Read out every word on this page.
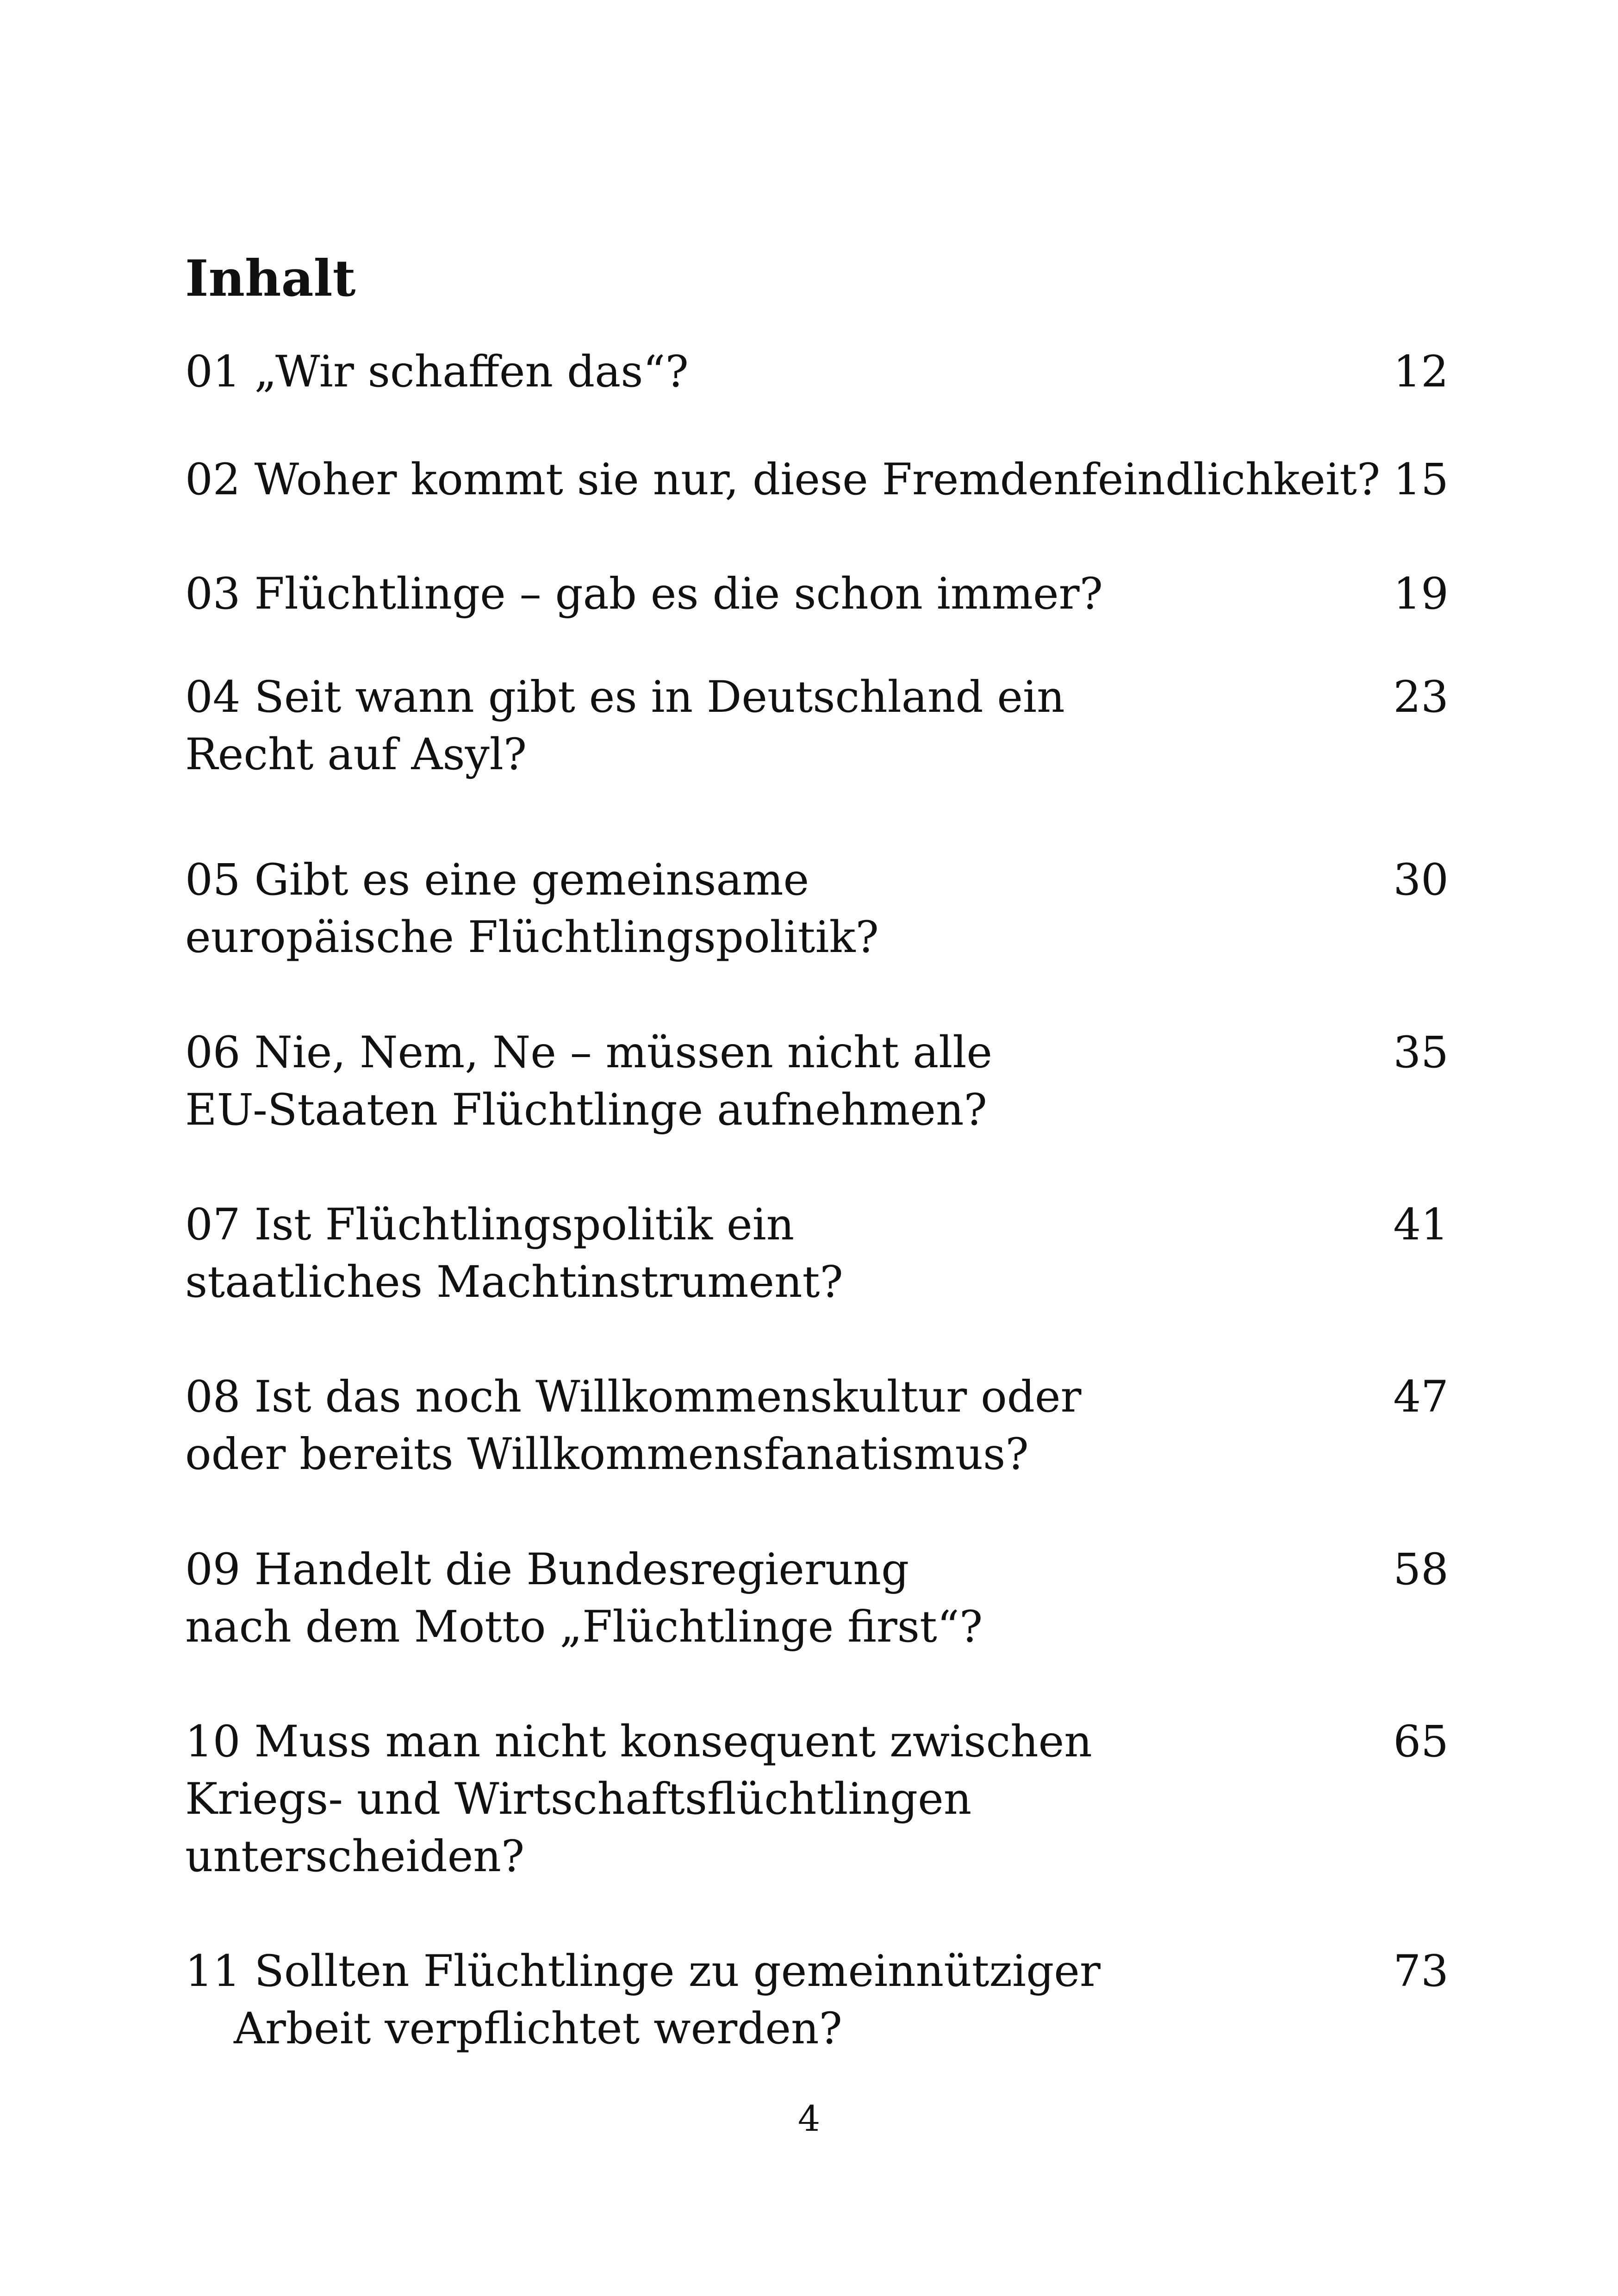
Inhalt
01 „Wir schaffen das“?	12
02 Woher kommt sie nur, diese Fremdenfeindlichkeit? 15
03 Flüchtlinge – gab es die schon immer?	19
04 Seit wann gibt es in Deutschland ein
Recht auf Asyl?
23
05 Gibt es eine gemeinsame
europäische Flüchtlingspolitik?
30
06 Nie, Nem, Ne – müssen nicht alle
EU-Staaten Flüchtlinge aufnehmen?
35
07 Ist Flüchtlingspolitik ein
staatliches Machtinstrument?
41
08 Ist das noch Willkommenskultur oder
oder bereits Willkommensfanatismus?
47
09 Handelt die Bundesregierung
nach dem Motto „Flüchtlinge first“?
58
10 Muss man nicht konsequent zwischen
Kriegs- und Wirtschaftsflüchtlingen
unterscheiden?
65
11 Sollten Flüchtlinge zu gemeinnütziger
Arbeit verpflichtet werden?
73
4
